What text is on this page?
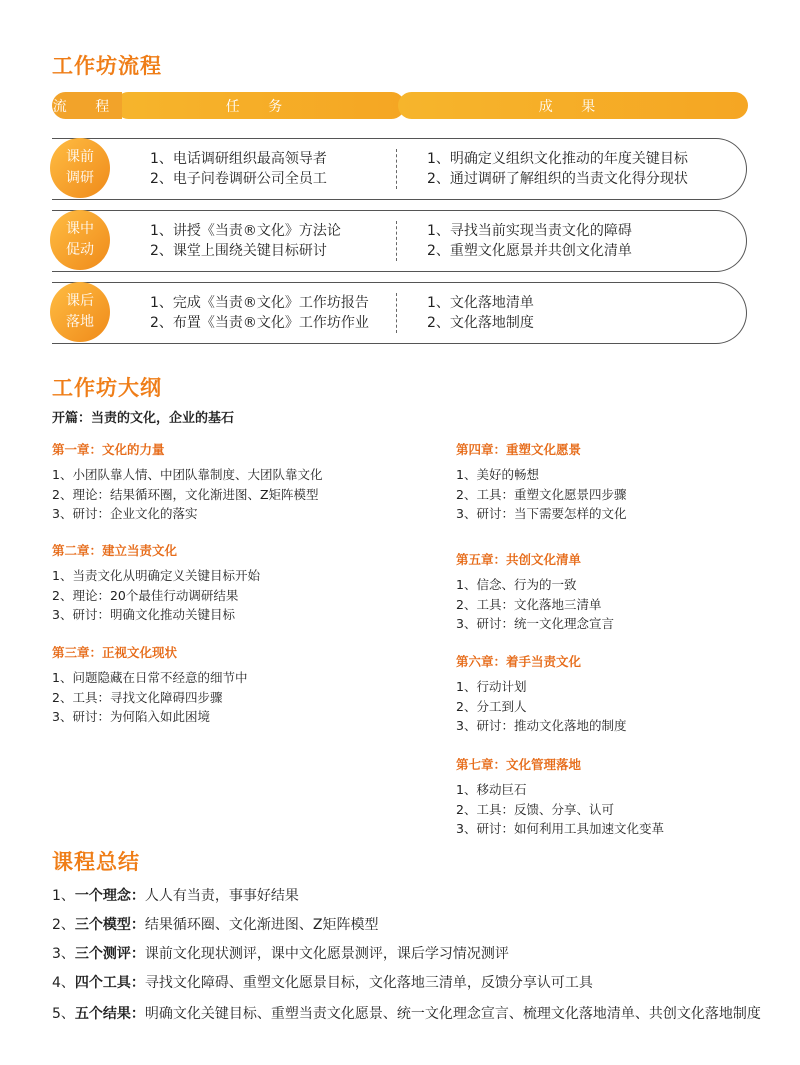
工作坊流程
任 务	成 果
流 程
课前
调研
1、电话调研组织最高领导者
2、电子问卷调研公司全员工
1、明确定义组织文化推动的年度关键目标
2、通过调研了解组织的当责文化得分现状
课中
促动
1、讲授《当责®文化》方法论
2、课堂上围绕关键目标研讨
1、寻找当前实现当责文化的障碍
2、重塑文化愿景并共创文化清单
课后
落地
1、完成《当责®文化》工作坊报告
2、布置《当责®文化》工作坊作业
1、文化落地清单
2、文化落地制度
工作坊大纲
开篇：当责的文化，企业的基石
第一章：文化的力量
1、小团队靠人情、中团队靠制度、大团队靠文化
2、理论：结果循环圈，文化渐进图、Z矩阵模型
3、研讨：企业文化的落实
第二章：建立当责文化
1、当责文化从明确定义关键目标开始
2、理论：20个最佳行动调研结果
3、研讨：明确文化推动关键目标
第三章：正视文化现状
1、问题隐藏在日常不经意的细节中
2、工具：寻找文化障碍四步骤
3、研讨：为何陷入如此困境
第四章：重塑文化愿景
1、美好的畅想
2、工具：重塑文化愿景四步骤
3、研讨：当下需要怎样的文化
第五章：共创文化清单
1、信念、行为的一致
2、工具：文化落地三清单
3、研讨：统一文化理念宣言
第六章：着手当责文化
1、行动计划
2、分工到人
3、研讨：推动文化落地的制度
第七章：文化管理落地
1、移动巨石
2、工具：反馈、分享、认可
3、研讨：如何利用工具加速文化变革
课程总结
1、一个理念：人人有当责，事事好结果
2、三个模型：结果循环圈、文化渐进图、Z矩阵模型
3、三个测评：课前文化现状测评，课中文化愿景测评，课后学习情况测评
4、四个工具：寻找文化障碍、重塑文化愿景目标，文化落地三清单，反馈分享认可工具
5、五个结果：明确文化关键目标、重塑当责文化愿景、统一文化理念宣言、梳理文化落地清单、共创文化落地制度
